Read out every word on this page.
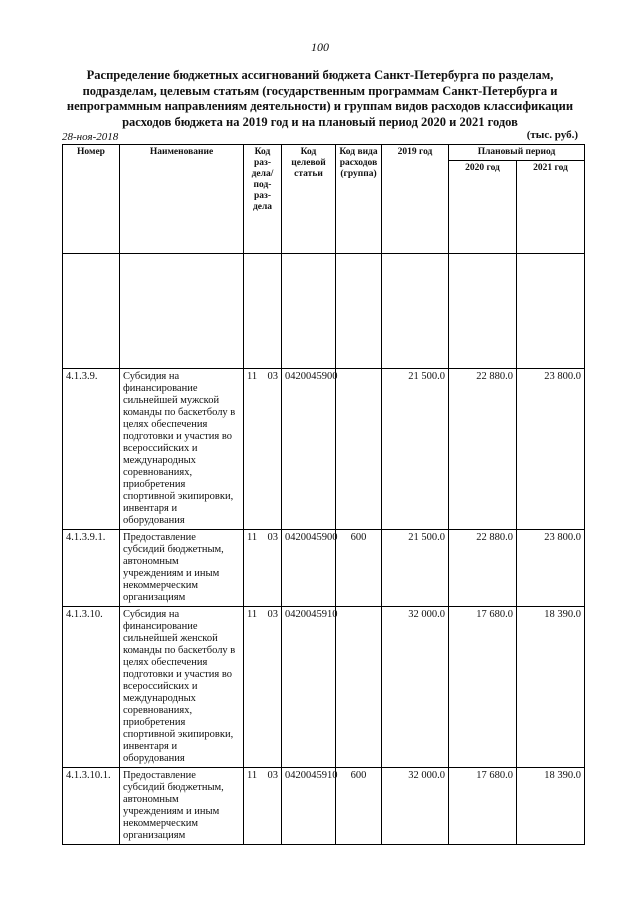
100
Распределение бюджетных ассигнований бюджета Санкт-Петербурга по разделам, подразделам, целевым статьям (государственным программам Санкт-Петербурга и непрограммным направлениям деятельности) и группам видов расходов классификации расходов бюджета на 2019 год и на плановый период 2020 и 2021 годов
28-ноя-2018	(тыс. руб.)
Номер	Наименование	Код раз-дела/ под-раз-дела	Код целевой статьи	Код вида расходов (группа)	2019 год	Плановый период	
						2020 год	2021 год

4.1.3.9.	Субсидия на финансирование сильнейшей мужской команды по баскетболу в целях обеспечения подготовки и участия во всероссийских и международных соревнованиях, приобретения спортивной экипировки, инвентаря и оборудования	11 03	0420045900		21 500.0	22 880.0	23 800.0
4.1.3.9.1.	Предоставление субсидий бюджетным, автономным учреждениям и иным некоммерческим организациям	11 03	0420045900	600	21 500.0	22 880.0	23 800.0
4.1.3.10.	Субсидия на финансирование сильнейшей женской команды по баскетболу в целях обеспечения подготовки и участия во всероссийских и международных соревнованиях, приобретения спортивной экипировки, инвентаря и оборудования	11 03	0420045910		32 000.0	17 680.0	18 390.0
4.1.3.10.1.	Предоставление субсидий бюджетным, автономным учреждениям и иным некоммерческим организациям	11 03	0420045910	600	32 000.0	17 680.0	18 390.0
